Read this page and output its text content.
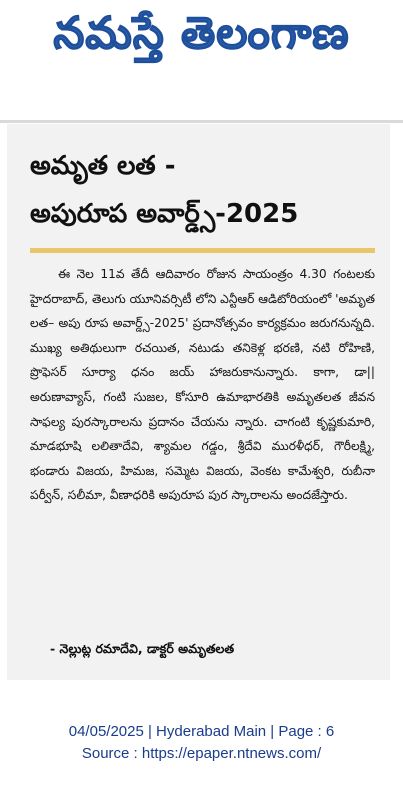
నమస్తే తెలంగాణ
అమృత లత -
అపురూప అవార్డ్స్-2025

ఈ నెల 11వ తేదీ ఆదివారం రోజున సాయంత్రం 4.30 గంటలకు హైదరాబాద్, తెలుగు యూనివర్సిటీ లోని ఎన్టీఆర్ ఆడిటోరియంలో 'అమృత లత– అపు రూప అవార్డ్స్-2025' ప్రదానోత్సవం కార్యక్రమం జరుగనున్నది. ముఖ్య అతిథులుగా రచయిత, నటుడు తనికెళ్ల భరణి, నటి రోహిణి, ప్రొఫెసర్ సూర్యా ధనం జయ్ హాజరుకానున్నారు. కాగా, డా|| అరుణావ్యాస్, గంటి సుజల, కోసూరి ఉమాభారతికి అమృతలత జీవన సాఫల్య పురస్కారాలను ప్రదానం చేయను న్నారు. చాగంటి కృష్ణకుమారి, మాడభూషి లలితాదేవి, శ్యామల గడ్డం, శ్రీదేవి మురళీధర్, గౌరీలక్ష్మి, భండారు విజయ, హిమజ, సమ్మెట విజయ, వెంకట కామేశ్వరి, రుబీనా పర్వీన్, సలీమా, వీణాధరికి అపురూప పుర స్కారాలను అందజేస్తారు.

- నెల్లుట్ల రమాదేవి, డాక్టర్ అమృతలత
04/05/2025 | Hyderabad Main | Page : 6
Source : https://epaper.ntnews.com/
